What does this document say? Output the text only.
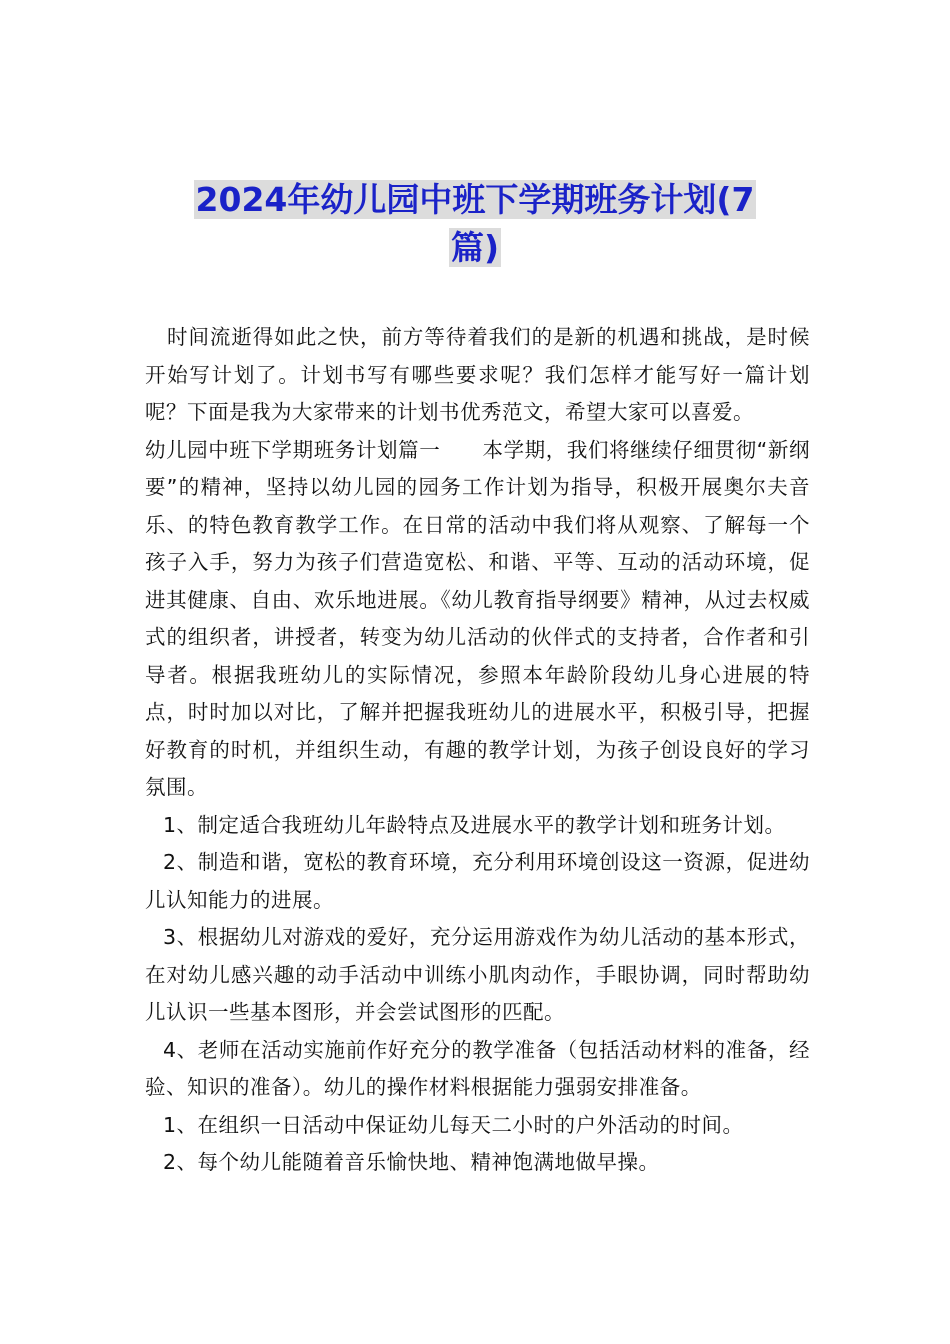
2024年幼儿园中班下学期班务计划(7
篇)

时间流逝得如此之快，前方等待着我们的是新的机遇和挑战，是时候开始写计划了。计划书写有哪些要求呢？我们怎样才能写好一篇计划呢？下面是我为大家带来的计划书优秀范文，希望大家可以喜爱。

幼儿园中班下学期班务计划篇一　　本学期，我们将继续仔细贯彻“新纲要”的精神，坚持以幼儿园的园务工作计划为指导，积极开展奥尔夫音乐、的特色教育教学工作。在日常的活动中我们将从观察、了解每一个孩子入手，努力为孩子们营造宽松、和谐、平等、互动的活动环境，促进其健康、自由、欢乐地进展。《幼儿教育指导纲要》精神，从过去权威式的组织者，讲授者，转变为幼儿活动的伙伴式的支持者，合作者和引导者。根据我班幼儿的实际情况，参照本年龄阶段幼儿身心进展的特点，时时加以对比，了解并把握我班幼儿的进展水平，积极引导，把握好教育的时机，并组织生动，有趣的教学计划，为孩子创设良好的学习氛围。

1、制定适合我班幼儿年龄特点及进展水平的教学计划和班务计划。

2、制造和谐，宽松的教育环境，充分利用环境创设这一资源，促进幼儿认知能力的进展。

3、根据幼儿对游戏的爱好，充分运用游戏作为幼儿活动的基本形式，在对幼儿感兴趣的动手活动中训练小肌肉动作，手眼协调，同时帮助幼儿认识一些基本图形，并会尝试图形的匹配。

4、老师在活动实施前作好充分的教学准备（包括活动材料的准备，经验、知识的准备）。幼儿的操作材料根据能力强弱安排准备。

1、在组织一日活动中保证幼儿每天二小时的户外活动的时间。

2、每个幼儿能随着音乐愉快地、精神饱满地做早操。
